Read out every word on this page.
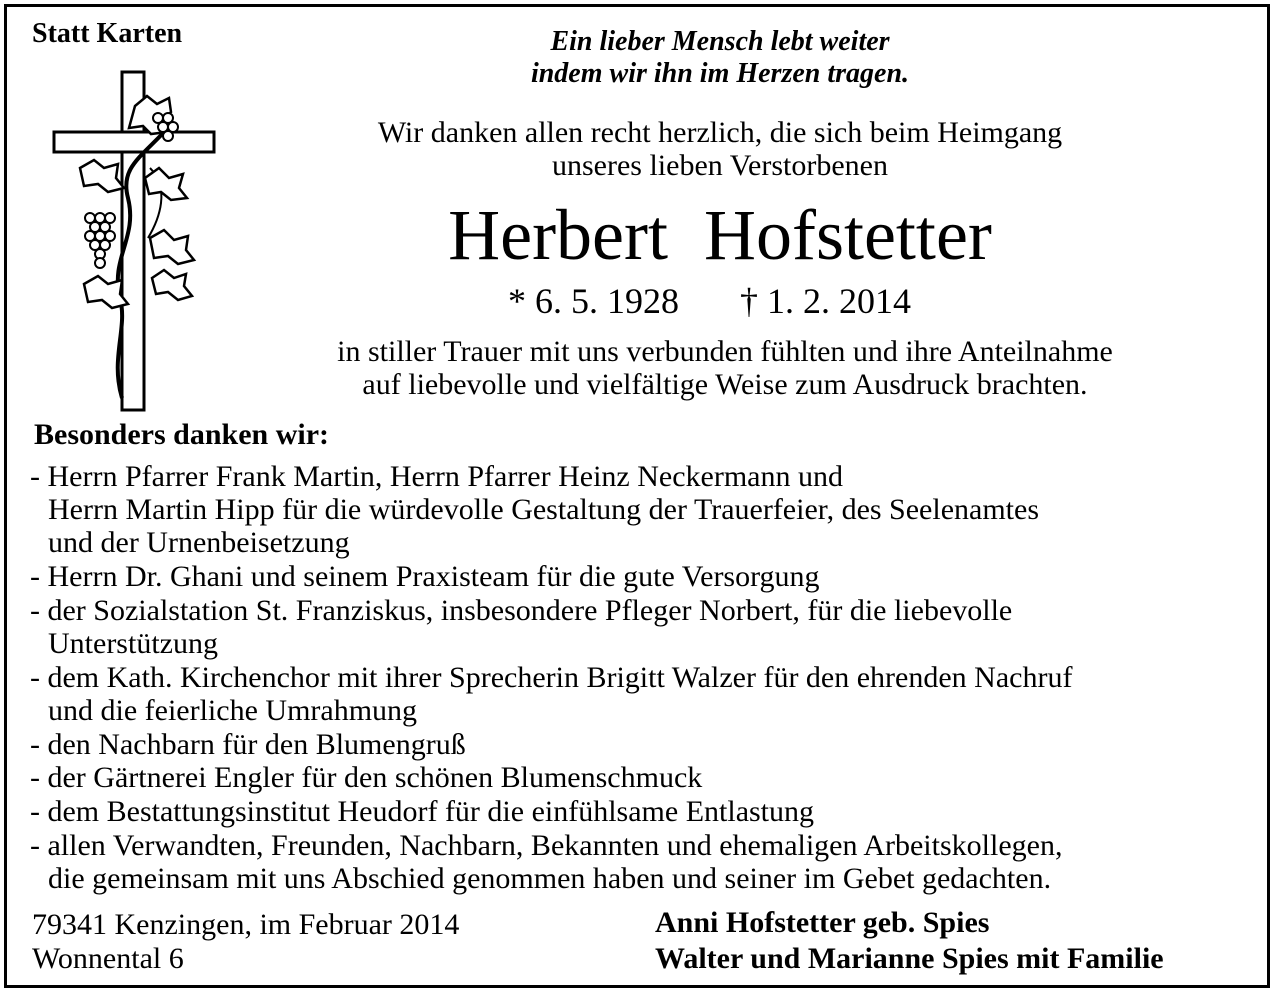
Statt Karten	Ein lieber Mensch lebt weiter
indem wir ihn im Herzen tragen.
Wir danken allen recht herzlich, die sich beim Heimgang
unseres lieben Verstorbenen
Herbert  Hofstetter
* 6. 5. 1928 † 1. 2. 2014
in stiller Trauer mit uns verbunden fühlten und ihre Anteilnahme
auf liebevolle und vielfältige Weise zum Ausdruck brachten.
Besonders danken wir:
- Herrn Pfarrer Frank Martin, Herrn Pfarrer Heinz Neckermann und
Herrn Martin Hipp für die würdevolle Gestaltung der Trauerfeier, des Seelenamtes
und der Urnenbeisetzung
- Herrn Dr. Ghani und seinem Praxisteam für die gute Versorgung
- der Sozialstation St. Franziskus, insbesondere Pfleger Norbert, für die liebevolle
Unterstützung
- dem Kath. Kirchenchor mit ihrer Sprecherin Brigitt Walzer für den ehrenden Nachruf
und die feierliche Umrahmung
- den Nachbarn für den Blumengruß
- der Gärtnerei Engler für den schönen Blumenschmuck
- dem Bestattungsinstitut Heudorf für die einfühlsame Entlastung
- allen Verwandten, Freunden, Nachbarn, Bekannten und ehemaligen Arbeitskollegen,
die gemeinsam mit uns Abschied genommen haben und seiner im Gebet gedachten.
79341 Kenzingen, im Februar 2014
Wonnental 6
Anni Hofstetter geb. Spies
Walter und Marianne Spies mit Familie
